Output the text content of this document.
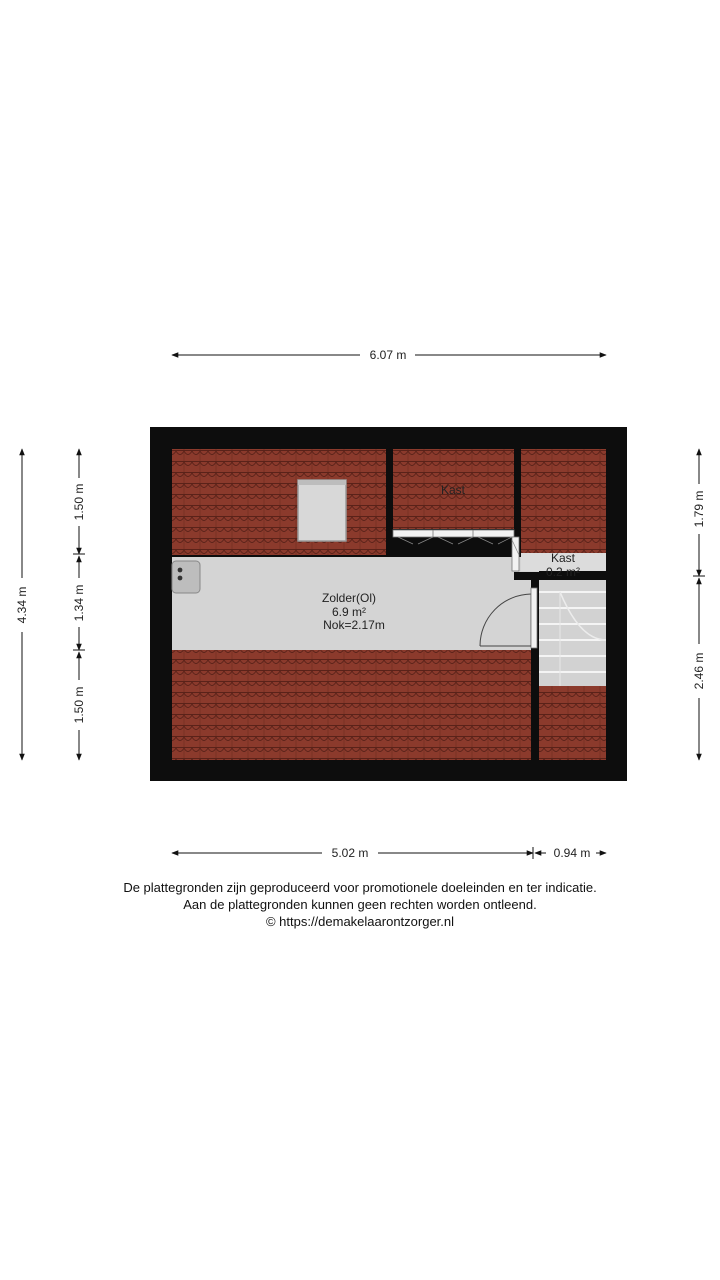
Kast
Kast
0.2 m²
Zolder(Ol)
6.9 m²
Nok=2.17m
6.07 m
5.02 m	0.94 m
4.34 m
1.50 m
1.34 m
1.50 m
1.79 m
2.46 m
De plattegronden zijn geproduceerd voor promotionele doeleinden en ter indicatie.
Aan de plattegronden kunnen geen rechten worden ontleend.
© https://demakelaarontzorger.nl
